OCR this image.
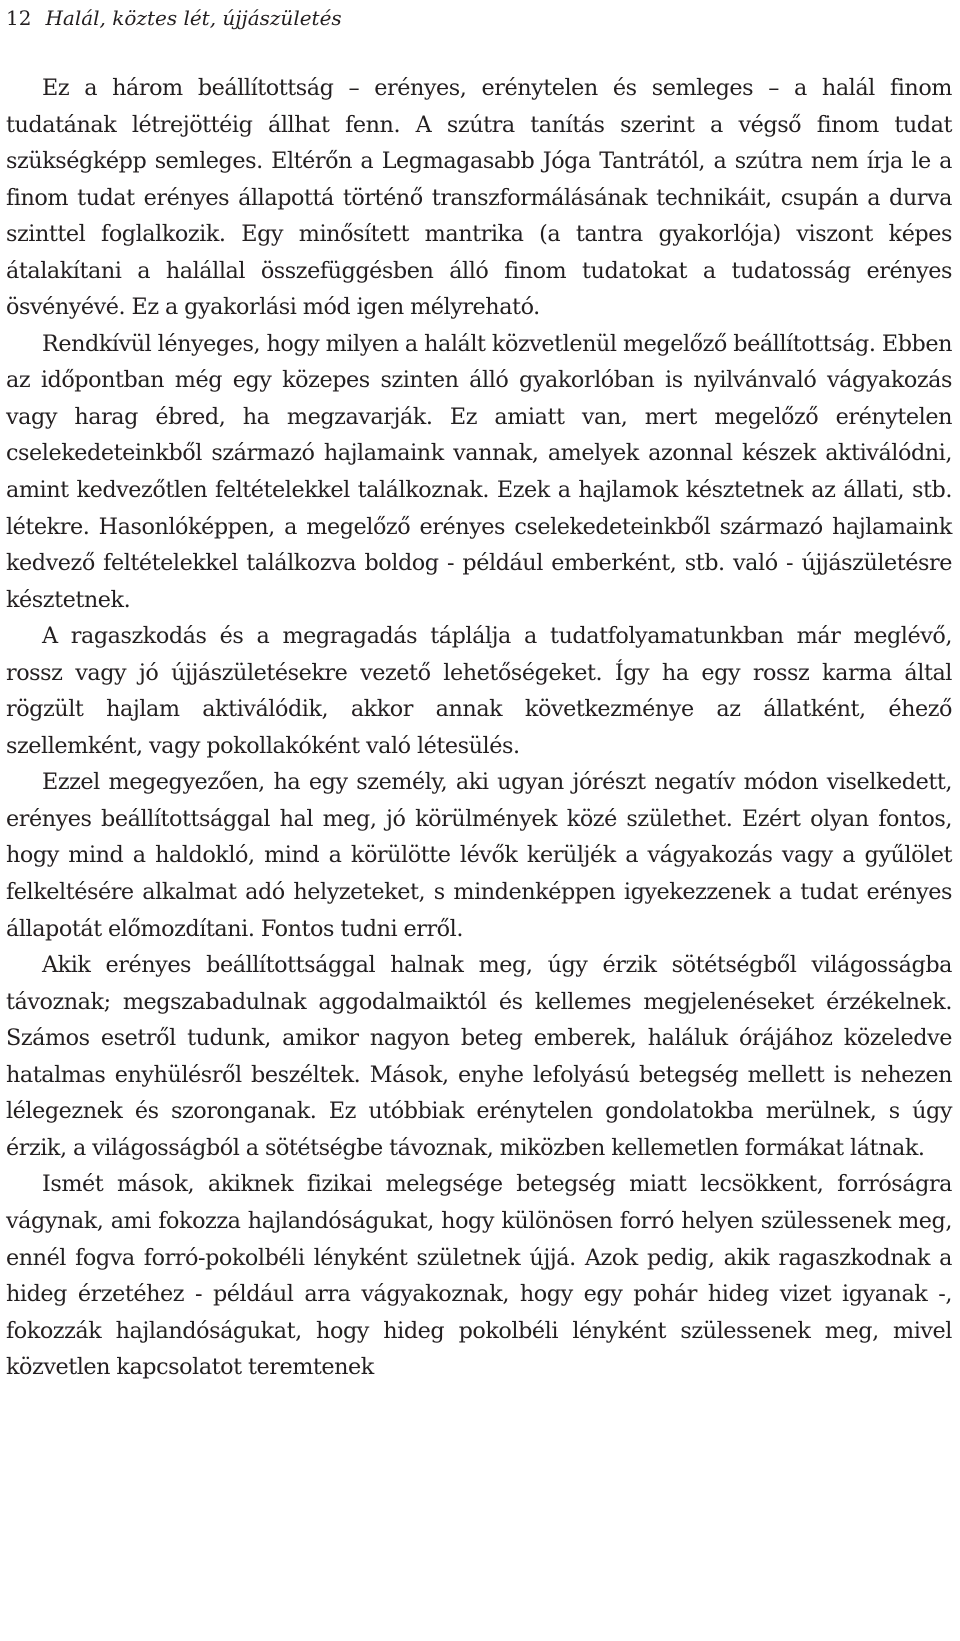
12 Halál, köztes lét, újjászületés

Ez a három beállítottság – erényes, erénytelen és semleges – a halál finom tudatának létrejöttéig állhat fenn. A szútra tanítás szerint a végső finom tudat szükségképp semleges. Eltérőn a Legmagasabb Jóga Tantrától, a szútra nem írja le a finom tudat erényes állapottá történő transzformálásának technikáit, csupán a durva szinttel foglalkozik. Egy minősített mantrika (a tantra gyakorlója) viszont képes átalakítani a halállal összefüggésben álló finom tudatokat a tudatosság erényes ösvényévé. Ez a gyakorlási mód igen mélyreható.

Rendkívül lényeges, hogy milyen a halált közvetlenül megelőző beállítottság. Ebben az időpontban még egy közepes szinten álló gyakorlóban is nyilvánvaló vágyakozás vagy harag ébred, ha megzavarják. Ez amiatt van, mert megelőző erénytelen cselekedeteinkből származó hajlamaink vannak, amelyek azonnal készek aktiválódni, amint kedvezőtlen feltételekkel találkoznak. Ezek a hajlamok késztetnek az állati, stb. létekre. Hasonlóképpen, a megelőző erényes cselekedeteinkből származó hajlamaink kedvező feltételekkel találkozva boldog - például emberként, stb. való - újjászületésre késztetnek.

A ragaszkodás és a megragadás táplálja a tudatfolyamatunkban már meglévő, rossz vagy jó újjászületésekre vezető lehetőségeket. Így ha egy rossz karma által rögzült hajlam aktiválódik, akkor annak következménye az állatként, éhező szellemként, vagy pokollakóként való létesülés.

Ezzel megegyezően, ha egy személy, aki ugyan jórészt negatív módon viselkedett, erényes beállítottsággal hal meg, jó körülmények közé születhet. Ezért olyan fontos, hogy mind a haldokló, mind a körülötte lévők kerüljék a vágyakozás vagy a gyűlölet felkeltésére alkalmat adó helyzeteket, s mindenképpen igyekezzenek a tudat erényes állapotát előmozdítani. Fontos tudni erről.

Akik erényes beállítottsággal halnak meg, úgy érzik sötétségből világosságba távoznak; megszabadulnak aggodalmaiktól és kellemes megjelenéseket érzékelnek. Számos esetről tudunk, amikor nagyon beteg emberek, haláluk órájához közeledve hatalmas enyhülésről beszéltek. Mások, enyhe lefolyású betegség mellett is nehezen lélegeznek és szoronganak. Ez utóbbiak erénytelen gondolatokba merülnek, s úgy érzik, a világosságból a sötétségbe távoznak, miközben kellemetlen formákat látnak.

Ismét mások, akiknek fizikai melegsége betegség miatt lecsökkent, forróságra vágynak, ami fokozza hajlandóságukat, hogy különösen forró helyen szülessenek meg, ennél fogva forró-pokolbéli lényként születnek újjá. Azok pedig, akik ragaszkodnak a hideg érzetéhez - például arra vágyakoznak, hogy egy pohár hideg vizet igyanak -, fokozzák hajlandóságukat, hogy hideg pokolbéli lényként szülessenek meg, mivel közvetlen kapcsolatot teremtenek
